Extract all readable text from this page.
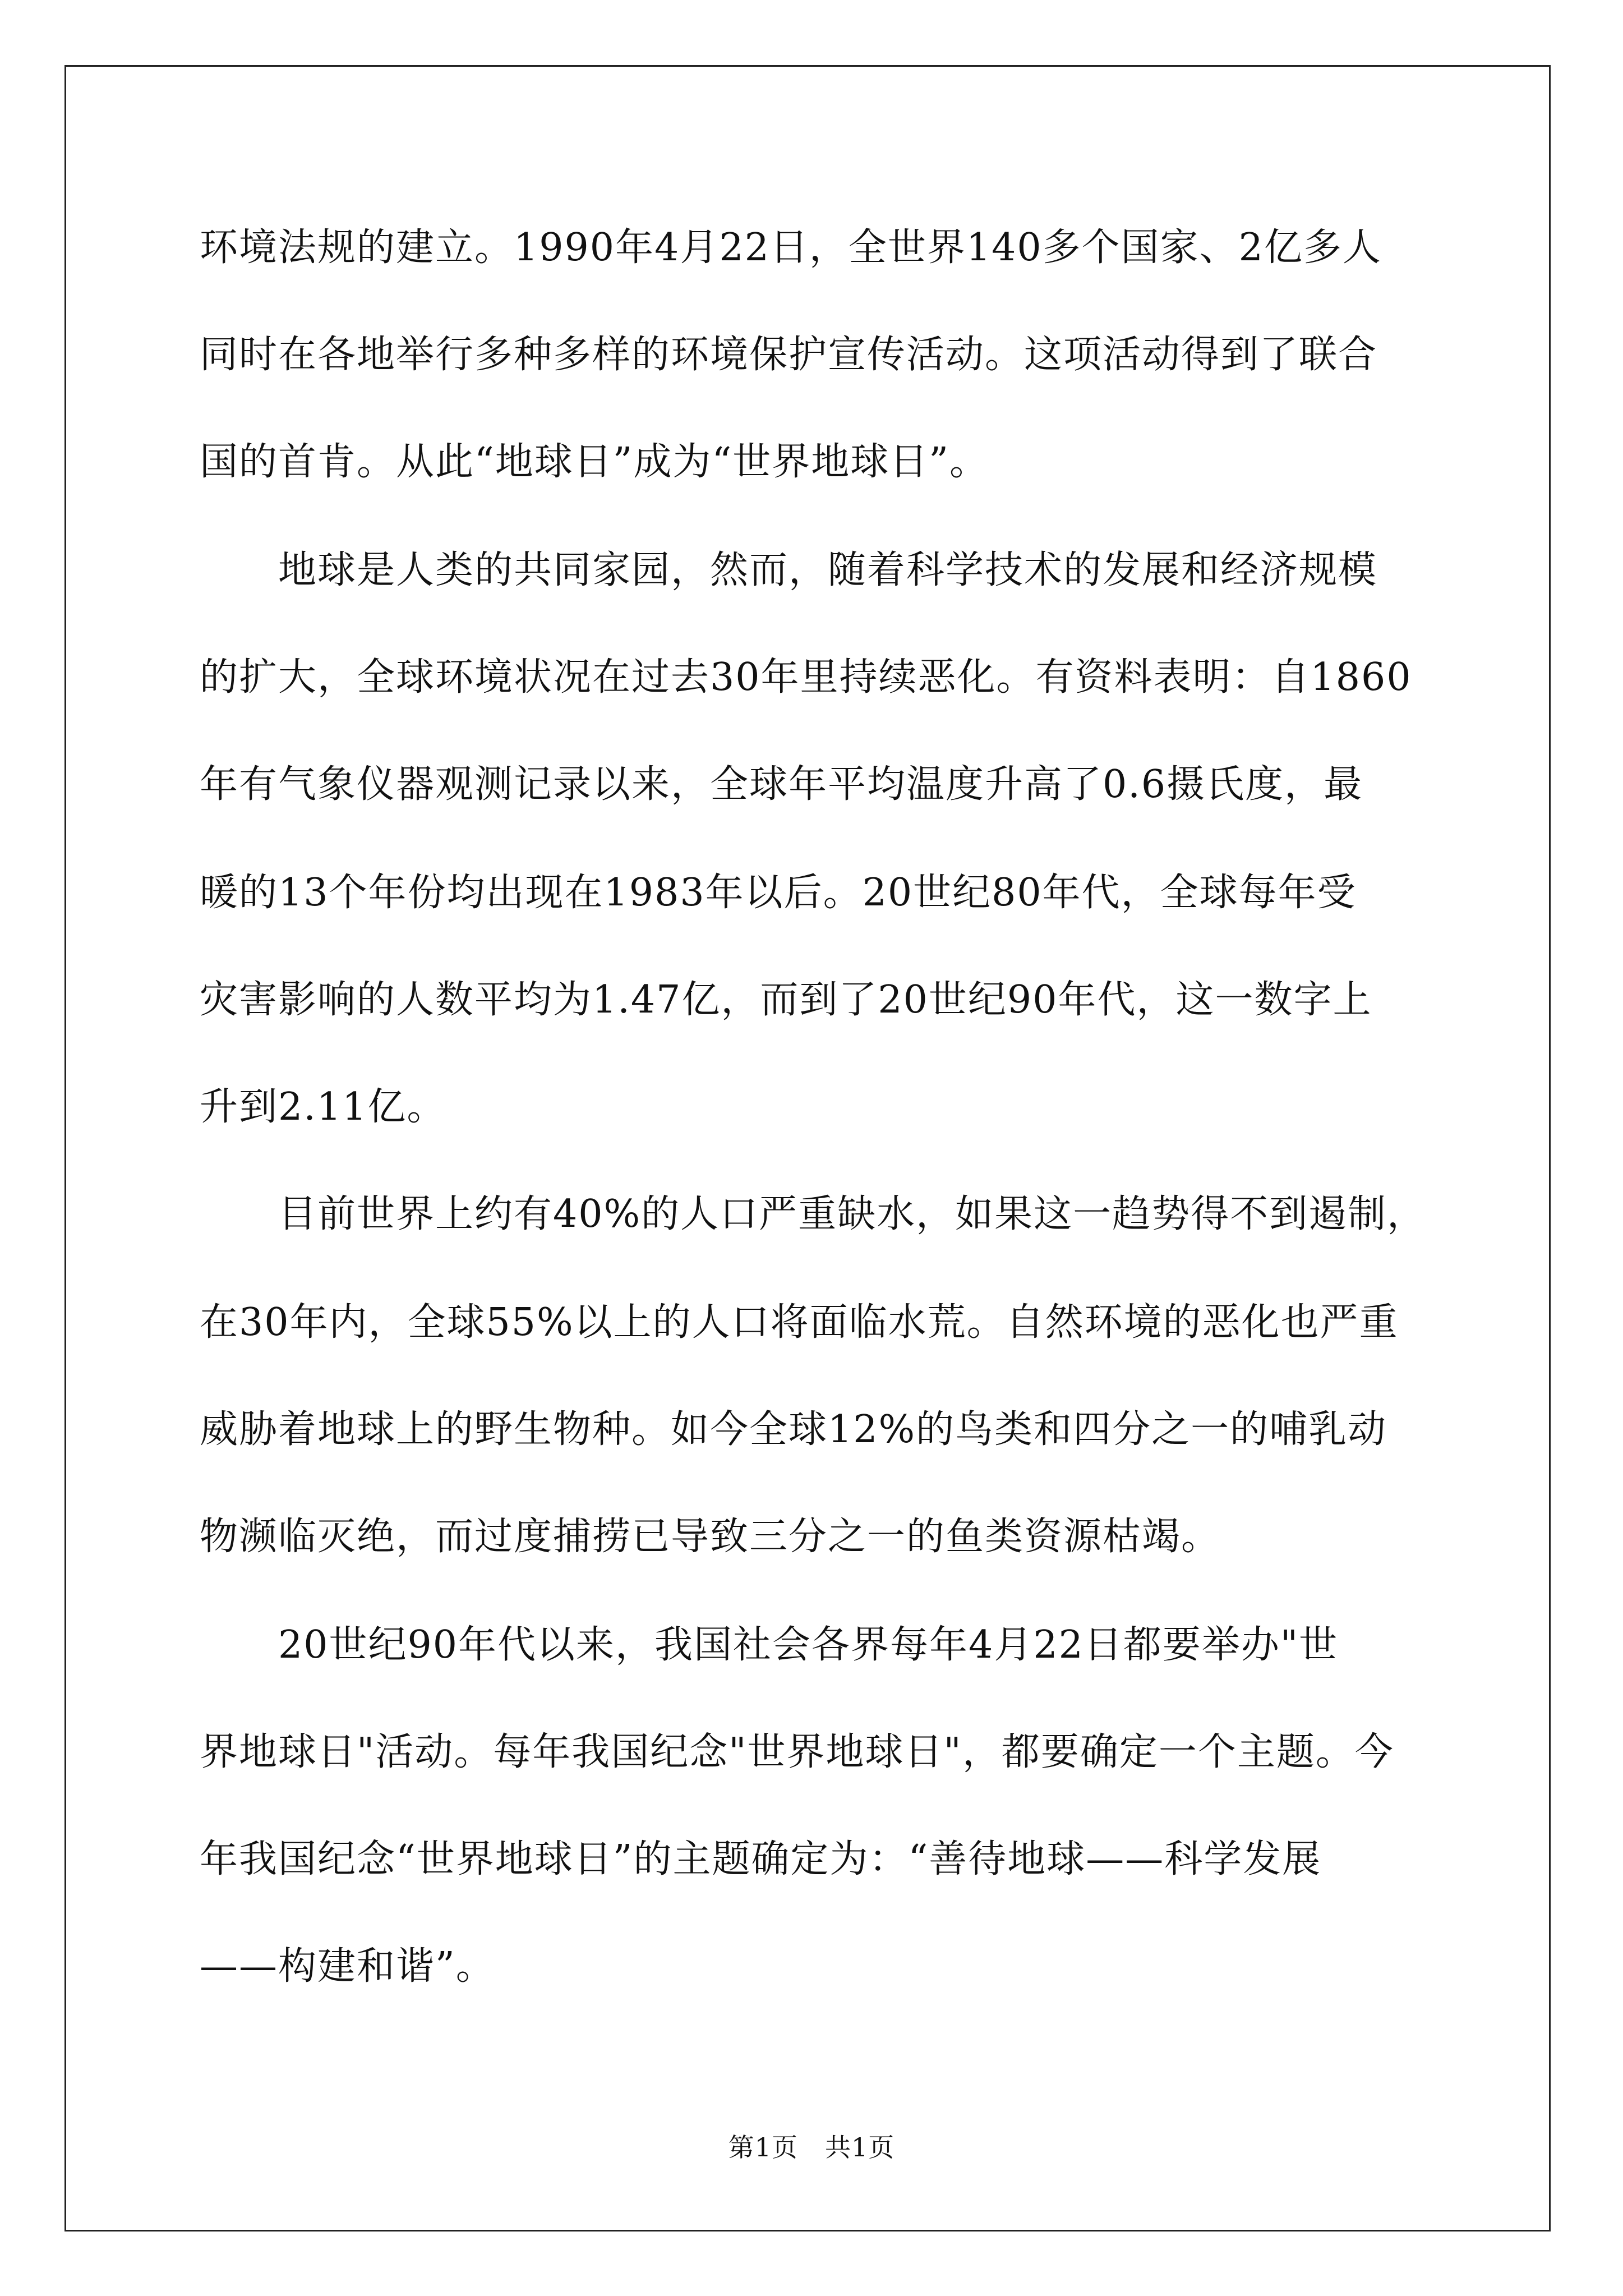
环境法规的建立。1990年4月22日，全世界140多个国家、2亿多人
同时在各地举行多种多样的环境保护宣传活动。这项活动得到了联合
国的首肯。从此“地球日”成为“世界地球日”。
　　地球是人类的共同家园，然而，随着科学技术的发展和经济规模
的扩大，全球环境状况在过去30年里持续恶化。有资料表明：自1860
年有气象仪器观测记录以来，全球年平均温度升高了0.6摄氏度，最
暖的13个年份均出现在1983年以后。20世纪80年代，全球每年受
灾害影响的人数平均为1.47亿，而到了20世纪90年代，这一数字上
升到2.11亿。
　　目前世界上约有40%的人口严重缺水，如果这一趋势得不到遏制，
在30年内，全球55%以上的人口将面临水荒。自然环境的恶化也严重
威胁着地球上的野生物种。如今全球12%的鸟类和四分之一的哺乳动
物濒临灭绝，而过度捕捞已导致三分之一的鱼类资源枯竭。
　　20世纪90年代以来，我国社会各界每年4月22日都要举办"世
界地球日"活动。每年我国纪念"世界地球日"，都要确定一个主题。今
年我国纪念“世界地球日”的主题确定为：“善待地球——科学发展
——构建和谐”。
第1页 共1页
